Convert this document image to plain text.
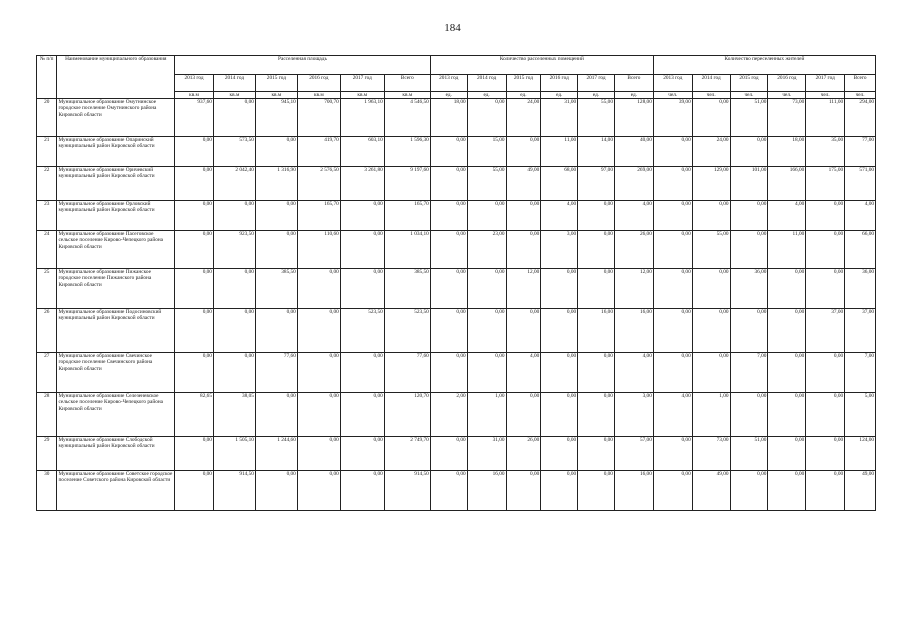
184
№ п/п	Наименование муниципального образования	Расселенная площадь						Количество расселенных помещений						Количество переселенных жителей					
		2013 год	2014 год	2015 год	2016 год	2017 год	Всего	2013 год	2014 год	2015 год	2016 год	2017 год	Всего	2013 год	2014 год	2015 год	2016 год	2017 год	Всего
		кв.м	кв.м	кв.м	кв.м	кв.м	кв.м	ед.	ед.	ед.	ед.	ед.	ед.	чел.	чел.	чел.	чел.	чел.	чел.
20	Муниципальное образование Омутнинское городское поселение Омутнинского района Кировской области	937,60	0,00	945,10	700,70	1 963,10	4 546,50	18,00	0,00	24,00	31,00	55,00	128,00	39,00	0,00	51,00	73,00	111,00	294,00
21	Муниципальное образование Опаринский муниципальный район Кировской области	0,00	573,50	0,00	419,70	603,10	1 596,30	0,00	15,00	0,00	11,00	14,00	40,00	0,00	24,00	0,00	18,00	35,00	77,00
22	Муниципальное образование Оричевский муниципальный район Кировской области	0,00	2 042,40	1 316,90	2 576,50	3 261,80	9 197,60	0,00	55,00	49,00	68,00	97,00	269,00	0,00	129,00	101,00	166,00	175,00	571,00
23	Муниципальное образование Орловский муниципальный район Кировской области	0,00	0,00	0,00	165,70	0,00	165,70	0,00	0,00	0,00	4,00	0,00	4,00	0,00	0,00	0,00	4,00	0,00	4,00
24	Муниципальное образование Пасеговское сельское поселение Кирово-Чепецкого района Кировской области	0,00	923,50	0,00	110,60	0,00	1 034,10	0,00	23,00	0,00	3,00	0,00	26,00	0,00	55,00	0,00	11,00	0,00	66,00
25	Муниципальное образование Пижанское городское поселение Пижанского района Кировской области	0,00	0,00	385,50	0,00	0,00	385,50	0,00	0,00	12,00	0,00	0,00	12,00	0,00	0,00	36,00	0,00	0,00	36,00
26	Муниципальное образование Подосиновский муниципальный район Кировской области	0,00	0,00	0,00	0,00	523,50	523,50	0,00	0,00	0,00	0,00	16,00	16,00	0,00	0,00	0,00	0,00	37,00	37,00
27	Муниципальное образование Свечинское городское поселение Свечинского района Кировской области	0,00	0,00	77,60	0,00	0,00	77,60	0,00	0,00	4,00	0,00	0,00	4,00	0,00	0,00	7,00	0,00	0,00	7,00
28	Муниципальное образование Селезеневское сельское поселение Кирово-Чепецкого района Кировской области	82,65	38,05	0,00	0,00	0,00	120,70	2,00	1,00	0,00	0,00	0,00	3,00	4,00	1,00	0,00	0,00	0,00	5,00
29	Муниципальное образование Слободской муниципальный район Кировской области	0,00	1 505,10	1 244,60	0,00	0,00	2 749,70	0,00	31,00	26,00	0,00	0,00	57,00	0,00	73,00	51,00	0,00	0,00	124,00
30	Муниципальное образование Советское городское поселение Советского района Кировской области	0,00	914,50	0,00	0,00	0,00	914,50	0,00	16,00	0,00	0,00	0,00	16,00	0,00	49,00	0,00	0,00	0,00	49,00
